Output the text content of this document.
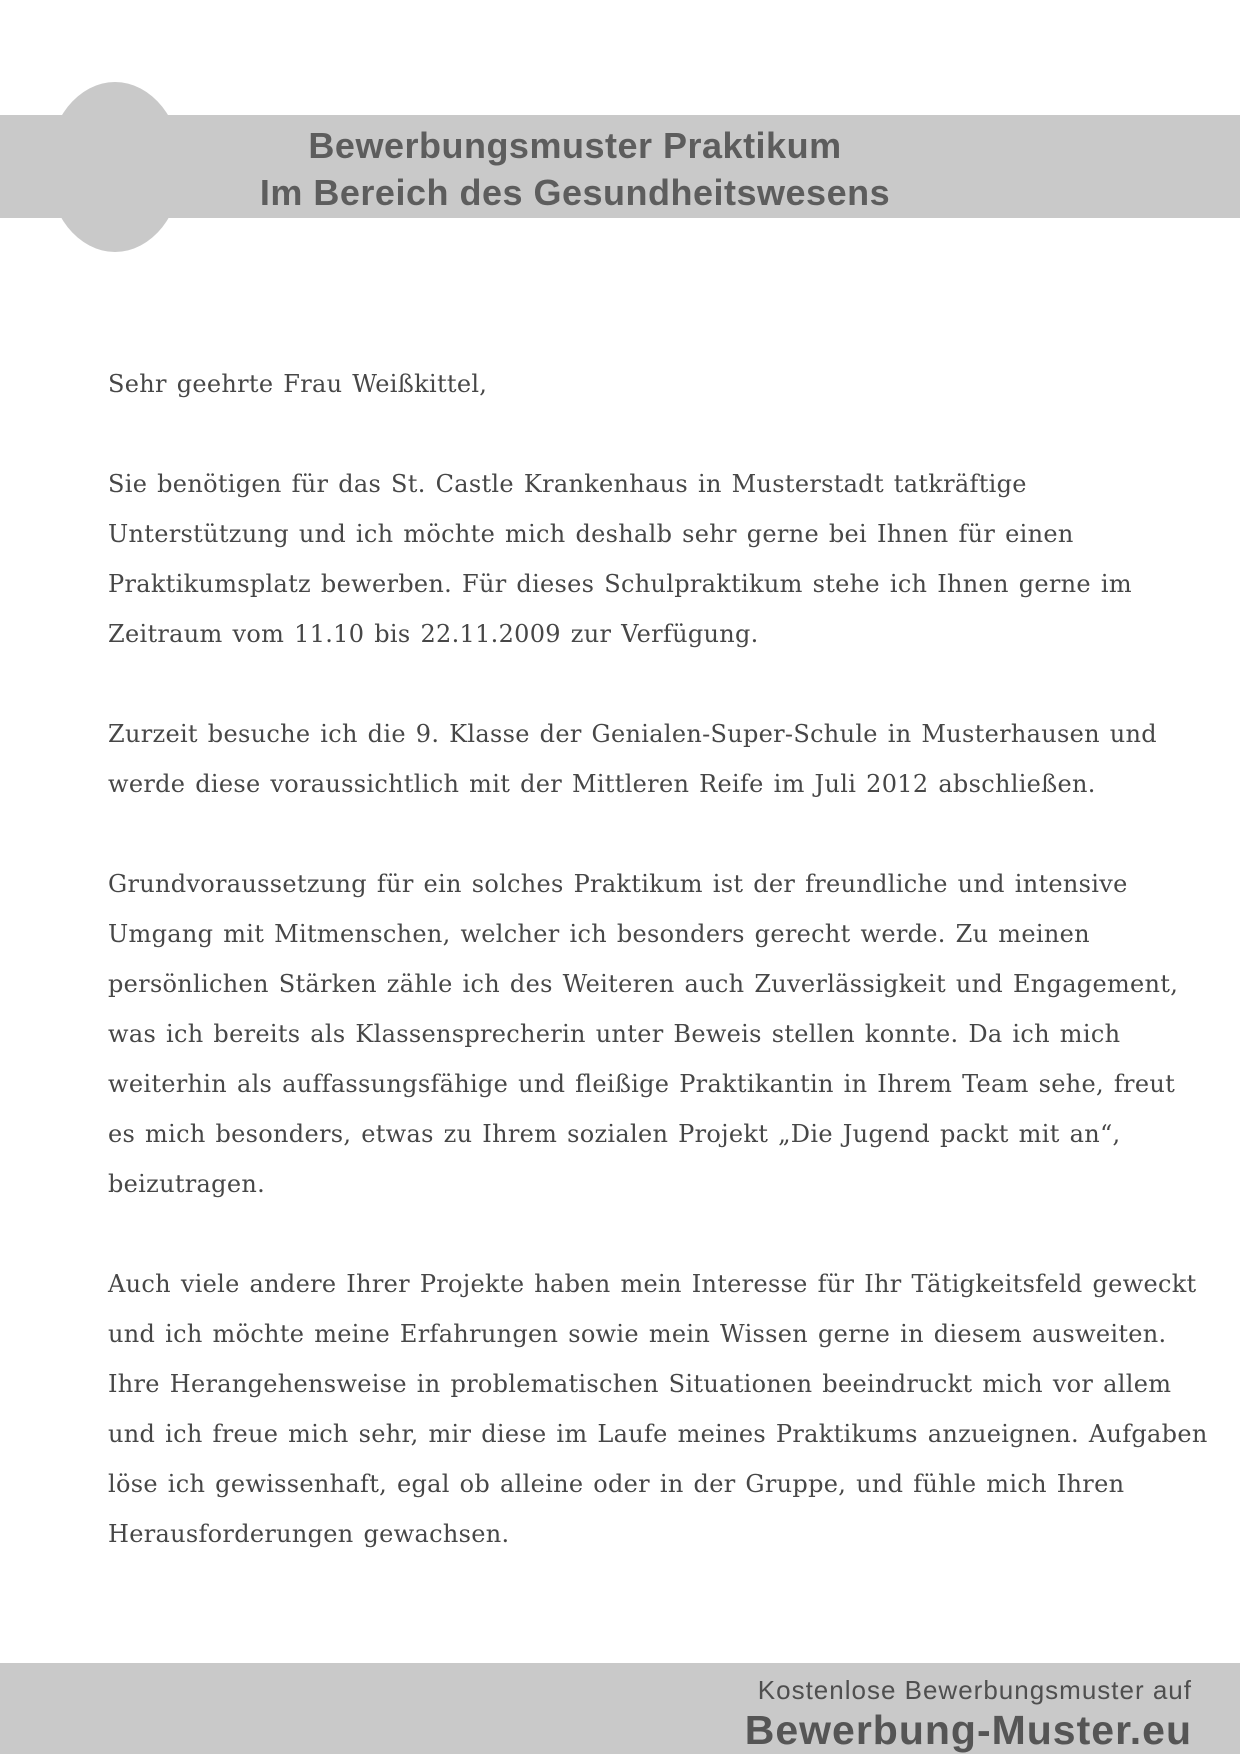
Bewerbungsmuster Praktikum
Im Bereich des Gesundheitswesens
Sehr geehrte Frau Weißkittel,
Sie benötigen für das St. Castle Krankenhaus in Musterstadt tatkräftige
Unterstützung und ich möchte mich deshalb sehr gerne bei Ihnen für einen
Praktikumsplatz bewerben. Für dieses Schulpraktikum stehe ich Ihnen gerne im
Zeitraum vom 11.10 bis 22.11.2009 zur Verfügung.
Zurzeit besuche ich die 9. Klasse der Genialen-Super-Schule in Musterhausen und
werde diese voraussichtlich mit der Mittleren Reife im Juli 2012 abschließen.
Grundvoraussetzung für ein solches Praktikum ist der freundliche und intensive
Umgang mit Mitmenschen, welcher ich besonders gerecht werde. Zu meinen
persönlichen Stärken zähle ich des Weiteren auch Zuverlässigkeit und Engagement,
was ich bereits als Klassensprecherin unter Beweis stellen konnte. Da ich mich
weiterhin als auffassungsfähige und fleißige Praktikantin in Ihrem Team sehe, freut
es mich besonders, etwas zu Ihrem sozialen Projekt „Die Jugend packt mit an“,
beizutragen.
Auch viele andere Ihrer Projekte haben mein Interesse für Ihr Tätigkeitsfeld geweckt
und ich möchte meine Erfahrungen sowie mein Wissen gerne in diesem ausweiten.
Ihre Herangehensweise in problematischen Situationen beeindruckt mich vor allem
und ich freue mich sehr, mir diese im Laufe meines Praktikums anzueignen. Aufgaben
löse ich gewissenhaft, egal ob alleine oder in der Gruppe, und fühle mich Ihren
Herausforderungen gewachsen.
Kostenlose Bewerbungsmuster auf
Bewerbung-Muster.eu
